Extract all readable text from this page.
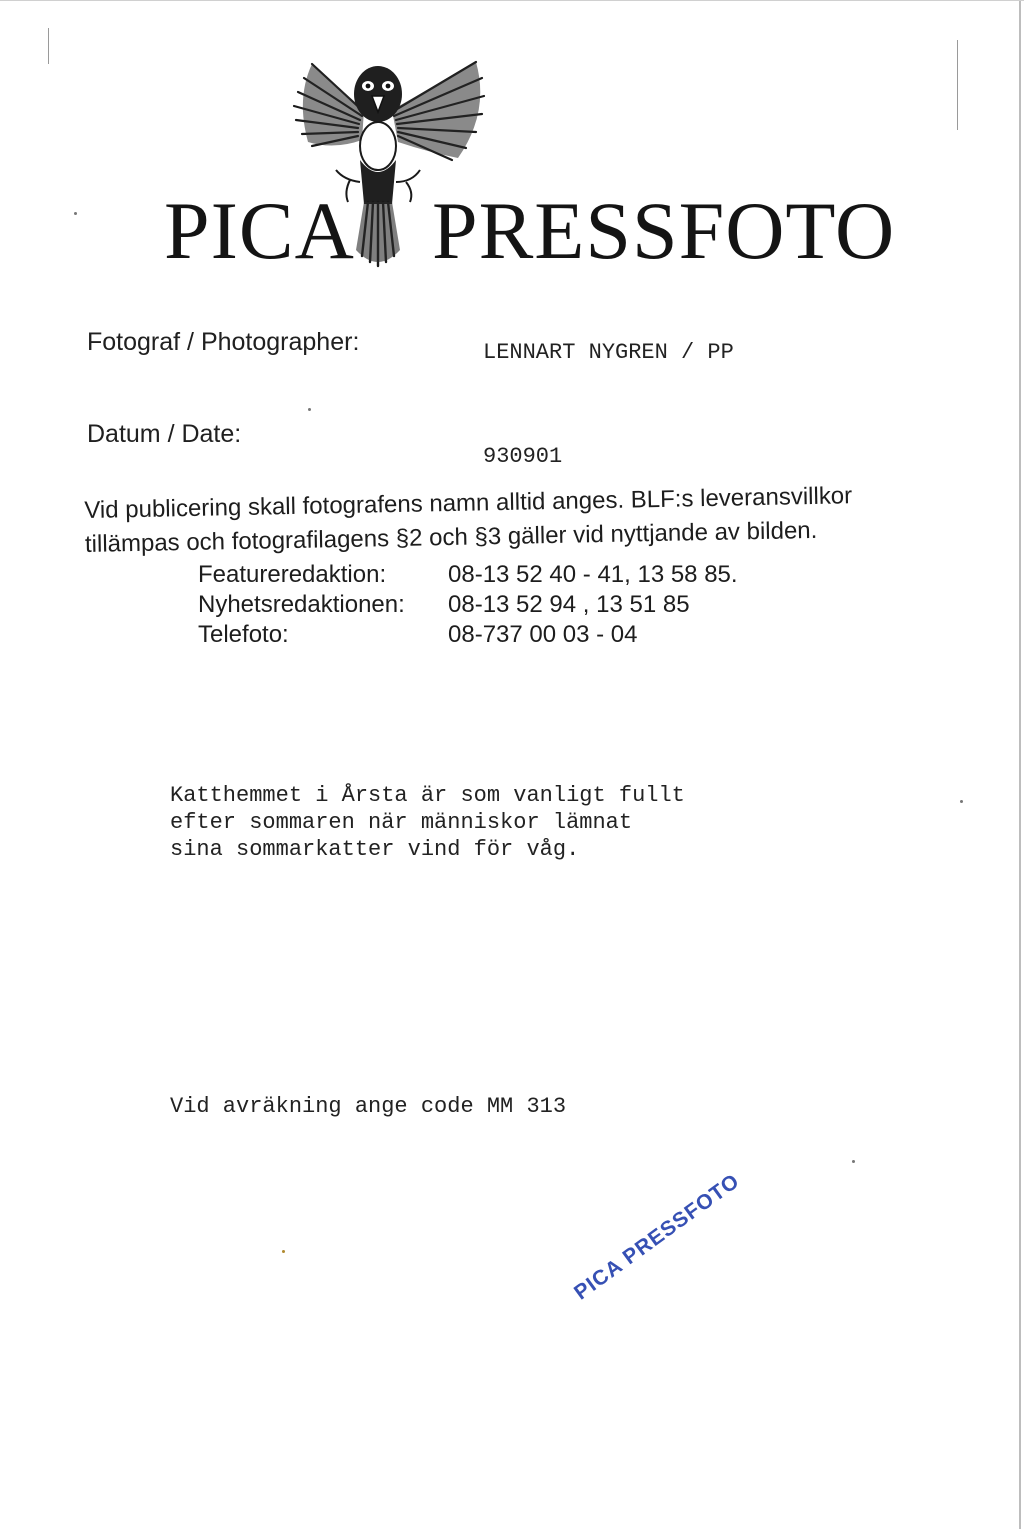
PICA PRESSFOTO
Fotograf / Photographer:	LENNART NYGREN / PP
Datum / Date:
930901
Vid publicering skall fotografens namn alltid anges. BLF:s leveransvillkor
tillämpas och fotografilagens §2 och §3 gäller vid nyttjande av bilden.
Featureredaktion:	08-13 52 40 - 41, 13 58 85.
Nyhetsredaktionen:	08-13 52 94 , 13 51 85
Telefoto:	08-737 00 03 - 04
Katthemmet i Årsta är som vanligt fullt
efter sommaren när människor lämnat
sina sommarkatter vind för våg.
Vid avräkning ange code MM 313
PICA PRESSFOTO
